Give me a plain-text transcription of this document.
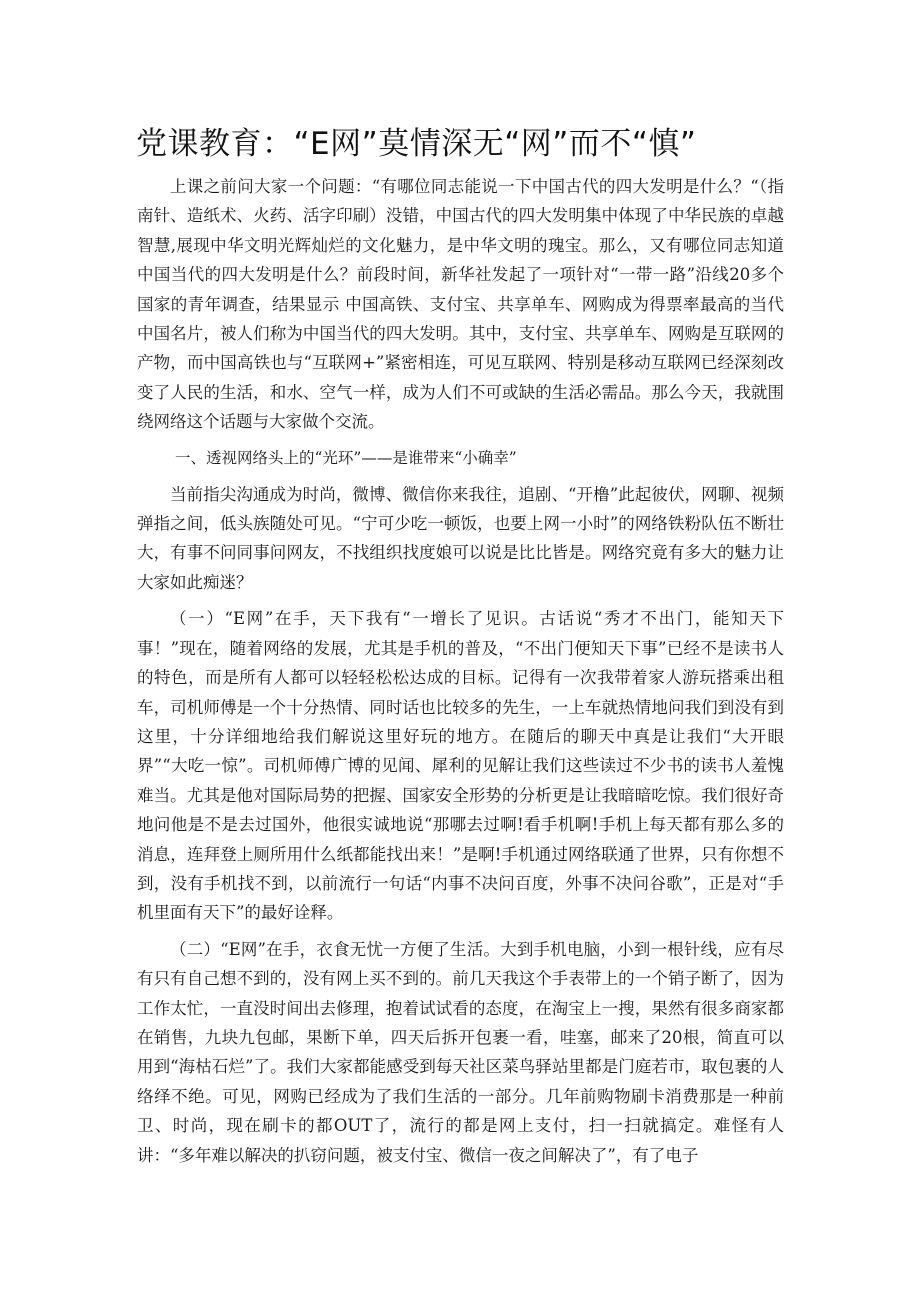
党课教育：“E网”莫情深无“网”而不“慎”

上课之前问大家一个问题：“有哪位同志能说一下中国古代的四大发明是什么？“（指南针、造纸术、火药、活字印刷）没错，中国古代的四大发明集中体现了中华民族的卓越智慧,展现中华文明光辉灿烂的文化魅力，是中华文明的瑰宝。那么，又有哪位同志知道中国当代的四大发明是什么？前段时间，新华社发起了一项针对“一带一路”沿线20多个国家的青年调查，结果显示 中国高铁、支付宝、共享单车、网购成为得票率最高的当代中国名片，被人们称为中国当代的四大发明。其中，支付宝、共享单车、网购是互联网的产物，而中国高铁也与“互联网+”紧密相连，可见互联网、特别是移动互联网已经深刻改变了人民的生活，和水、空气一样，成为人们不可或缺的生活必需品。那么今天，我就围绕网络这个话题与大家做个交流。

一、透视网络头上的“光环”——是谁带来“小确幸”

当前指尖沟通成为时尚，微博、微信你来我往，追剧、“开橹”此起彼伏，网聊、视频弹指之间，低头族随处可见。“宁可少吃一顿饭，也要上网一小时”的网络铁粉队伍不断壮大，有事不问同事问网友，不找组织找度娘可以说是比比皆是。网络究竟有多大的魅力让大家如此痴迷？

（一）“E网”在手，天下我有“一增长了见识。古话说“秀才不出门，能知天下事！”现在，随着网络的发展，尤其是手机的普及，“不出门便知天下事”已经不是读书人的特色，而是所有人都可以轻轻松松达成的目标。记得有一次我带着家人游玩搭乘出租车，司机师傅是一个十分热情、同时话也比较多的先生，一上车就热情地问我们到没有到这里，十分详细地给我们解说这里好玩的地方。在随后的聊天中真是让我们“大开眼界”“大吃一惊”。司机师傅广博的见闻、犀利的见解让我们这些读过不少书的读书人羞愧难当。尤其是他对国际局势的把握、国家安全形势的分析更是让我暗暗吃惊。我们很好奇地问他是不是去过国外，他很实诚地说“那哪去过啊!看手机啊!手机上每天都有那么多的消息，连拜登上厕所用什么纸都能找出来！”是啊!手机通过网络联通了世界，只有你想不到，没有手机找不到，以前流行一句话“内事不决问百度，外事不决问谷歌”，正是对“手机里面有天下”的最好诠释。

（二）“E网”在手，衣食无忧一方便了生活。大到手机电脑，小到一根针线，应有尽有只有自己想不到的，没有网上买不到的。前几天我这个手表带上的一个销子断了，因为工作太忙，一直没时间出去修理，抱着试试看的态度，在淘宝上一搜，果然有很多商家都在销售，九块九包邮，果断下单，四天后拆开包裹一看，哇塞，邮来了20根，简直可以用到“海枯石烂”了。我们大家都能感受到每天社区菜鸟驿站里都是门庭若市，取包裹的人络绎不绝。可见，网购已经成为了我们生活的一部分。几年前购物刷卡消费那是一种前卫、时尚，现在刷卡的都OUT了，流行的都是网上支付，扫一扫就搞定。难怪有人讲：“多年难以解决的扒窃问题，被支付宝、微信一夜之间解决了”，有了电子
